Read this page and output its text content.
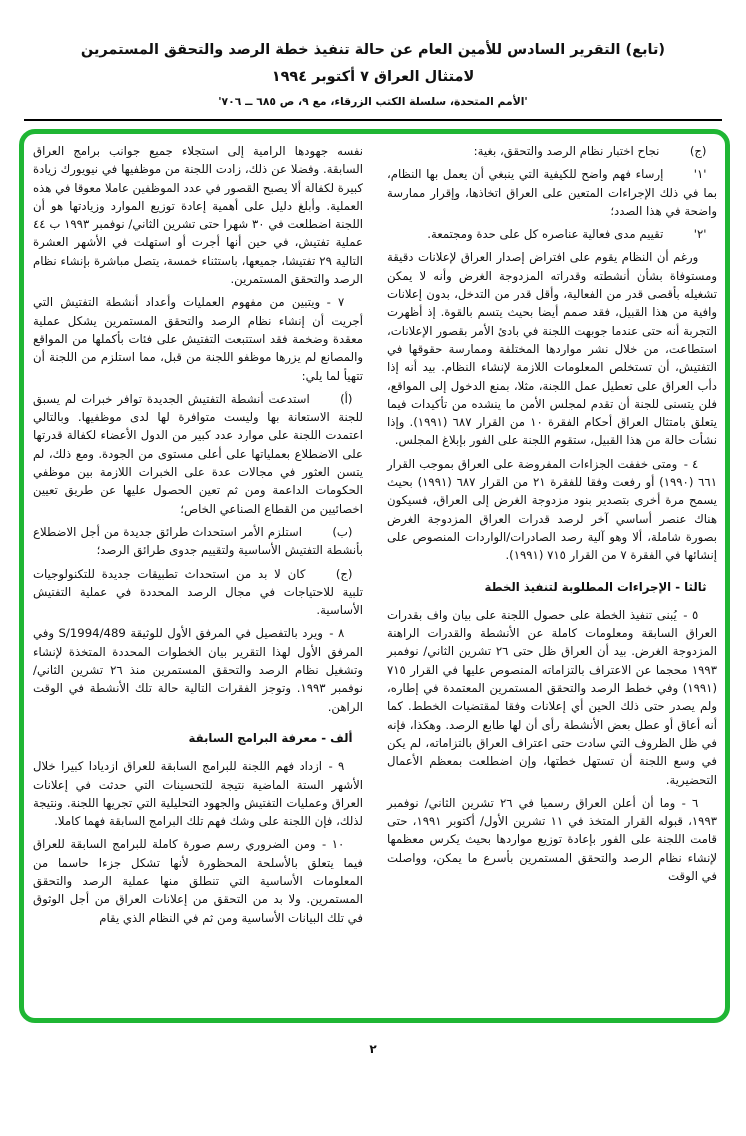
(تابع) التقرير السادس للأمين العام عن حالة تنفيذ خطة الرصد والتحقق المستمرين
لامتثال العراق ٧ أكتوبر ١٩٩٤
'الأمم المتحدة، سلسلة الكتب الزرقاء، مع ٩، ص ٦٨٥ ــ ٧٠٦'

(ج)نجاح اختبار نظام الرصد والتحقق، بغية:

'١'إرساء فهم واضح للكيفية التي ينبغي أن يعمل بها النظام، بما في ذلك الإجراءات المتعين على العراق اتخاذها، وإقرار ممارسة واضحة في هذا الصدد؛

'٢'تقييم مدى فعالية عناصره كل على حدة ومجتمعة.

ورغم أن النظام يقوم على افتراض إصدار العراق لإعلانات دقيقة ومستوفاة بشأن أنشطته وقدراته المزدوجة الغرض وأنه لا يمكن تشغيله بأقصى قدر من الفعالية، وأقل قدر من التدخل، بدون إعلانات وافية من هذا القبيل، فقد صمم أيضا بحيث يتسم بالقوة. إذ أظهرت التجربة أنه حتى عندما جوبهت اللجنة في بادئ الأمر بقصور الإعلانات، استطاعت، من خلال نشر مواردها المختلفة وممارسة حقوقها في التفتيش، أن تستخلص المعلومات اللازمة لإنشاء النظام. بيد أنه إذا دأب العراق على تعطيل عمل اللجنة، مثلا، بمنع الدخول إلى المواقع، فلن يتسنى للجنة أن تقدم لمجلس الأمن ما ينشده من تأكيدات فيما يتعلق بامتثال العراق أحكام الفقرة ١٠ من القرار ٦٨٧ (١٩٩١). وإذا نشأت حالة من هذا القبيل، ستقوم اللجنة على الفور بإبلاغ المجلس.

٤ -ومتى خففت الجزاءات المفروضة على العراق بموجب القرار ٦٦١ (١٩٩٠) أو رفعت وفقا للفقرة ٢١ من القرار ٦٨٧ (١٩٩١) بحيث يسمح مرة أخرى بتصدير بنود مزدوجة الغرض إلى العراق، فسيكون هناك عنصر أساسي آخر لرصد قدرات العراق المزدوجة الغرض بصورة شاملة، ألا وهو آلية رصد الصادرات/الواردات المنصوص على إنشائها في الفقرة ٧ من القرار ٧١٥ (١٩٩١).

ثالثا - الإجراءات المطلوبة لتنفيذ الخطة

٥ -يُبنى تنفيذ الخطة على حصول اللجنة على بيان واف بقدرات العراق السابقة ومعلومات كاملة عن الأنشطة والقدرات الراهنة المزدوجة الغرض. بيد أن العراق ظل حتى ٢٦ تشرين الثاني/ نوفمبر ١٩٩٣ محجما عن الاعتراف بالتزاماته المنصوص عليها في القرار ٧١٥ (١٩٩١) وفي خطط الرصد والتحقق المستمرين المعتمدة في إطاره، ولم يصدر حتى ذلك الحين أي إعلانات وفقا لمقتضيات الخطط. كما أنه أعاق أو عطل بعض الأنشطة رأى أن لها طابع الرصد. وهكذا، فإنه في ظل الظروف التي سادت حتى اعتراف العراق بالتزاماته، لم يكن في وسع اللجنة أن تستهل خطتها، وإن اضطلعت بمعظم الأعمال التحضيرية.

٦ -وما أن أعلن العراق رسميا في ٢٦ تشرين الثاني/ نوفمبر ١٩٩٣، قبوله القرار المتخذ في ١١ تشرين الأول/ أكتوبر ١٩٩١، حتى قامت اللجنة على الفور بإعادة توزيع مواردها بحيث يكرس معظمها لإنشاء نظام الرصد والتحقق المستمرين بأسرع ما يمكن، وواصلت في الوقت

نفسه جهودها الرامية إلى استجلاء جميع جوانب برامج العراق السابقة. وفضلا عن ذلك، زادت اللجنة من موظفيها في نيويورك زيادة كبيرة لكفالة ألا يصبح القصور في عدد الموظفين عاملا معوقا في هذه العملية. وأبلغ دليل على أهمية إعادة توزيع الموارد وزيادتها هو أن اللجنة اضطلعت في ٣٠ شهرا حتى تشرين الثاني/ نوفمبر ١٩٩٣ ب ٤٤ عملية تفتيش، في حين أنها أجرت أو استهلت في الأشهر العشرة التالية ٢٩ تفتيشا، جميعها، باستثناء خمسة، يتصل مباشرة بإنشاء نظام الرصد والتحقق المستمرين.

٧ -ويتبين من مفهوم العمليات وأعداد أنشطة التفتيش التي أجريت أن إنشاء نظام الرصد والتحقق المستمرين يشكل عملية معقدة وضخمة فقد استتبعت التفتيش على فئات بأكملها من المواقع والمصانع لم يزرها موظفو اللجنة من قبل، مما استلزم من اللجنة أن تتهيأ لما يلي:

(أ)استدعت أنشطة التفتيش الجديدة توافر خبرات لم يسبق للجنة الاستعانة بها وليست متوافرة لها لدى موظفيها. وبالتالي اعتمدت اللجنة على موارد عدد كبير من الدول الأعضاء لكفالة قدرتها على الاضطلاع بعملياتها على أعلى مستوى من الجودة. ومع ذلك، لم يتسن العثور في مجالات عدة على الخبرات اللازمة بين موظفي الحكومات الداعمة ومن ثم تعين الحصول عليها عن طريق تعيين اخصائيين من القطاع الصناعي الخاص؛

(ب)استلزم الأمر استحداث طرائق جديدة من أجل الاضطلاع بأنشطة التفتيش الأساسية ولتقييم جدوى طرائق الرصد؛

(ج)كان لا بد من استحداث تطبيقات جديدة للتكنولوجيات تلبية للاحتياجات في مجال الرصد المحددة في عملية التفتيش الأساسية.

٨ -ويرد بالتفصيل في المرفق الأول للوثيقة S/1994/489 وفي المرفق الأول لهذا التقرير بيان الخطوات المحددة المتخذة لإنشاء وتشغيل نظام الرصد والتحقق المستمرين منذ ٢٦ تشرين الثاني/ نوفمبر ١٩٩٣. وتوجز الفقرات التالية حالة تلك الأنشطة في الوقت الراهن.

ألف - معرفة البرامج السابقة

٩ -ازداد فهم اللجنة للبرامج السابقة للعراق ازديادا كبيرا خلال الأشهر الستة الماضية نتيجة للتحسينات التي حدثت في إعلانات العراق وعمليات التفتيش والجهود التحليلية التي تجريها اللجنة. ونتيجة لذلك، فإن اللجنة على وشك فهم تلك البرامج السابقة فهما كاملا.

١٠ -ومن الضروري رسم صورة كاملة للبرامج السابقة للعراق فيما يتعلق بالأسلحة المحظورة لأنها تشكل جزءا حاسما من المعلومات الأساسية التي تنطلق منها عملية الرصد والتحقق المستمرين. ولا بد من التحقق من إعلانات العراق من أجل الوثوق في تلك البيانات الأساسية ومن ثم في النظام الذي يقام

٢
